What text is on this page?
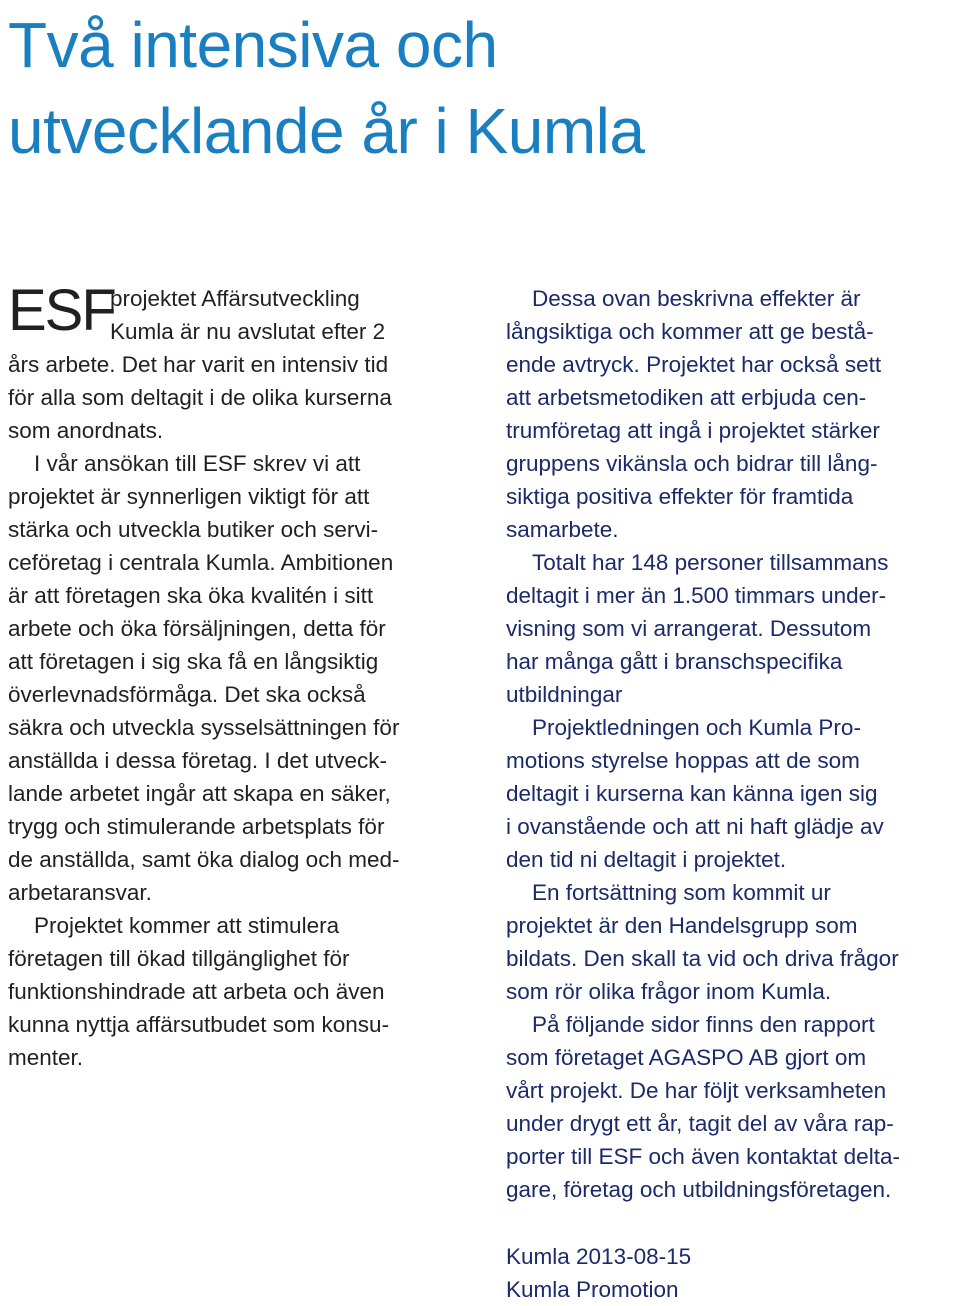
Två intensiva och
utvecklande år i Kumla
ESF
projektet Affärsutveckling
Kumla är nu avslutat efter 2

års arbete. Det har varit en intensiv tid
för alla som deltagit i de olika kurserna
som anordnats.

I vår ansökan till ESF skrev vi att
projektet är synnerligen viktigt för att
stärka och utveckla butiker och servi-
ceföretag i centrala Kumla. Ambitionen
är att företagen ska öka kvalitén i sitt
arbete och öka försäljningen, detta för
att företagen i sig ska få en långsiktig
överlevnadsförmåga. Det ska också
säkra och utveckla sysselsättningen för
anställda i dessa företag. I det utveck-
lande arbetet ingår att skapa en säker,
trygg och stimulerande arbetsplats för
de anställda, samt öka dialog och med-
arbetaransvar.

Projektet kommer att stimulera
företagen till ökad tillgänglighet för
funktionshindrade att arbeta och även
kunna nyttja affärsutbudet som konsu-
menter.

Dessa ovan beskrivna effekter är
långsiktiga och kommer att ge bestå-
ende avtryck. Projektet har också sett
att arbetsmetodiken att erbjuda cen-
trumföretag att ingå i projektet stärker
gruppens vikänsla och bidrar till lång-
siktiga positiva effekter för framtida
samarbete.

Totalt har 148 personer tillsammans
deltagit i mer än 1.500 timmars under-
visning som vi arrangerat. Dessutom
har många gått i branschspecifika
utbildningar

Projektledningen och Kumla Pro-
motions styrelse hoppas att de som
deltagit i kurserna kan känna igen sig
i ovanstående och att ni haft glädje av
den tid ni deltagit i projektet.

En fortsättning som kommit ur
projektet är den Handelsgrupp som
bildats. Den skall ta vid och driva frågor
som rör olika frågor inom Kumla.

På följande sidor finns den rapport
som företaget AGASPO AB gjort om
vårt projekt. De har följt verksamheten
under drygt ett år, tagit del av våra rap-
porter till ESF och även kontaktat delta-
gare, företag och utbildningsföretagen.

Kumla 2013-08-15
Kumla Promotion
